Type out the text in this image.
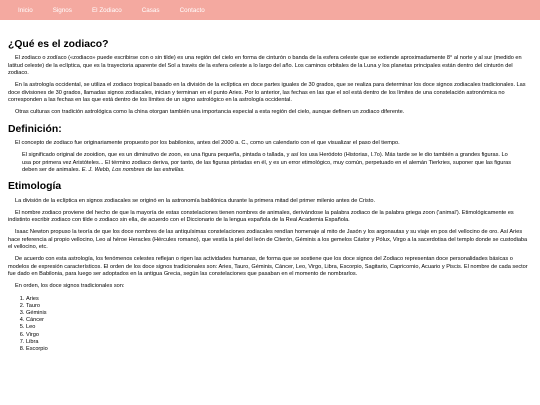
Inicio	Signos	El Zodiaco	Casas	Contacto
¿Qué es el zodiaco?

El zodiaco o zodíaco («zodiaco» puede escribirse con o sin tilde) es una región del cielo en forma de cinturón o banda de la esfera celeste que se extiende aproximadamente 8° al norte y al sur (medido en latitud celeste) de la eclíptica, que es la trayectoria aparente del Sol a través de la esfera celeste a lo largo del año. Los caminos orbitales de la Luna y los planetas principales están dentro del cinturón del zodiaco.

En la astrología occidental, se utiliza el zodiaco tropical basado en la división de la eclíptica en doce partes iguales de 30 grados, que se realiza para determinar los doce signos zodiacales tradicionales. Las doce divisiones de 30 grados, llamadas signos zodiacales, inician y terminan en el punto Aries. Por lo anterior, las fechas en las que el sol está dentro de los límites de una constelación astronómica no corresponden a las fechas en las que está dentro de los límites de un signo astrológico en la astrología occidental.

Otras culturas con tradición astrológica como la china otorgan también una importancia especial a esta región del cielo, aunque definen un zodiaco diferente.

Definición:

El concepto de zodiaco fue originariamente propuesto por los babilonios, antes del 2000 a. C., como un calendario con el que visualizar el paso del tiempo.

El significado original de zooidion, que es un diminutivo de zoon, es una figura pequeña, pintada o tallada, y así los usa Heródoto (Historias, I.7o). Más tarde se le dio también a grandes figuras. Lo usa por primera vez Aristóteles... El término zodiaco deriva, por tanto, de las figuras pintadas en él, y es un error etimológico, muy común, perpetuado en el alemán Tierkries, suponer que las figuras deben ser de animales. E. J. Webb, Los nombres de las estrellas.

Etimología

La división de la eclíptica en signos zodiacales se originó en la astronomía babilónica durante la primera mitad del primer milenio antes de Cristo.

El nombre zodiaco proviene del hecho de que la mayoría de estas constelaciones tienen nombres de animales, derivándose la palabra zodiaco de la palabra griega zoon ('animal'). Etimológicamente es indistinto escribir zodiaco con tilde o zodiaco sin ella, de acuerdo con el Diccionario de la lengua española de la Real Academia Española.

Isaac Newton propuso la teoría de que los doce nombres de las antiquísimas constelaciones zodiacales rendían homenaje al mito de Jasón y los argonautas y su viaje en pos del vellocino de oro. Así Aries hace referencia al propio vellocino, Leo al héroe Heracles (Hércules romano), que vestía la piel del león de Citerón, Géminis a los gemelos Cástor y Pólux, Virgo a la sacerdotisa del templo donde se custodiaba el vellocino, etc.

De acuerdo con esta astrología, los fenómenos celestes reflejan o rigen las actividades humanas, de forma que se sostiene que los doce signos del Zodiaco representan doce personalidades básicas o modelos de expresión característicos. El orden de los doce signos tradicionales son: Aries, Tauro, Géminis, Cáncer, Leo, Virgo, Libra, Escorpio, Sagitario, Capricornio, Acuario y Piscis. El nombre de cada sector fue dado en Babilonia, para luego ser adoptados en la antigua Grecia, según las constelaciones que pasaban en el momento de nombrarlos.

En orden, los doce signos tradicionales son:

1. Aries
2. Tauro
3. Géminis
4. Cáncer
5. Leo
6. Virgo
7. Libra
8. Escorpio
